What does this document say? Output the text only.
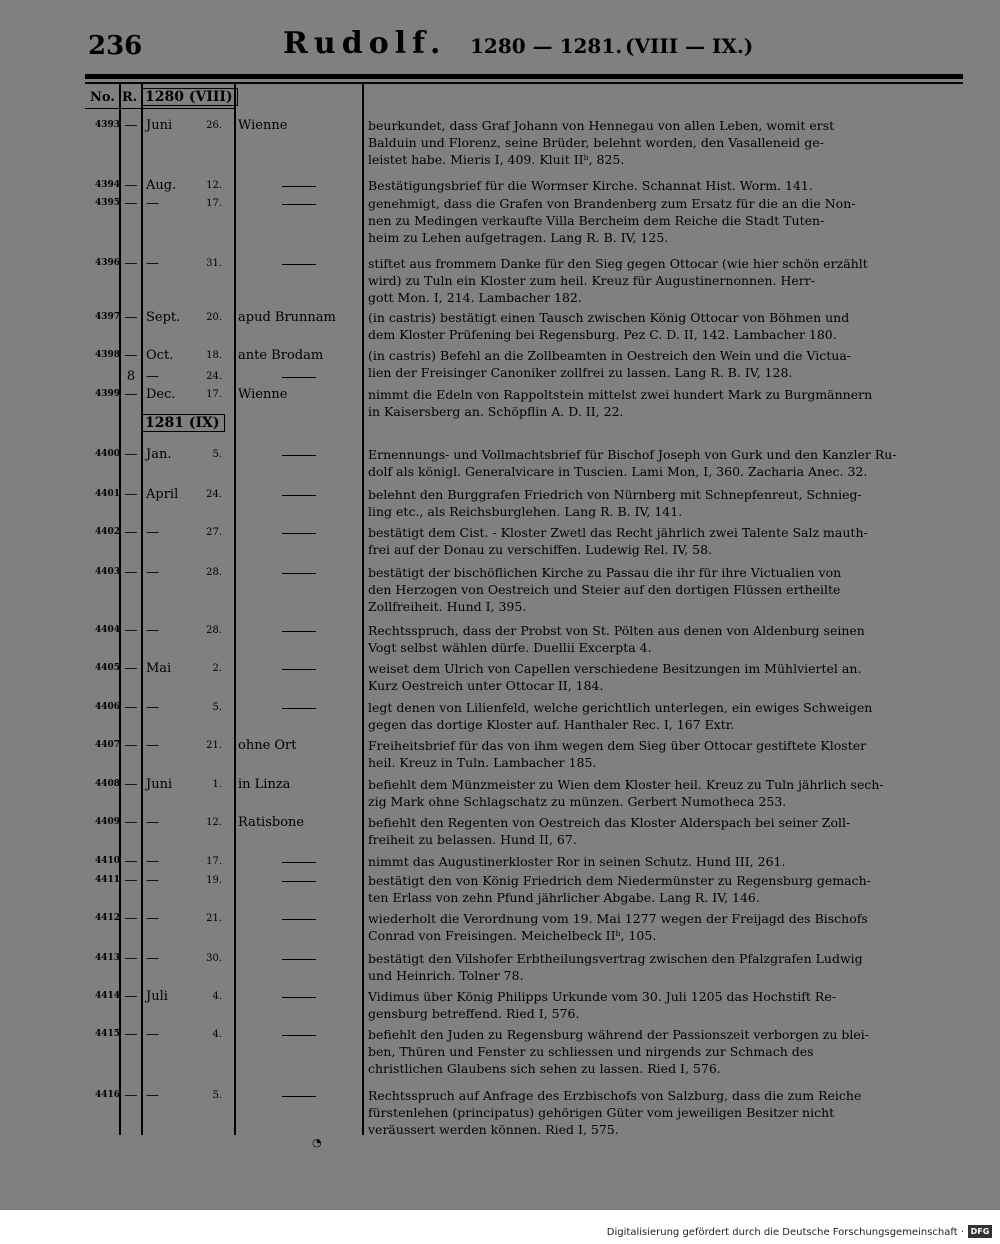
236	Rudolf. 1280 — 1281. (VIII — IX.)
No. R. 1280 (VIII)
1281 (IX)
4393 — Juni	26. Wienne	beurkundet, dass Graf Johann von Hennegau von allen Leben, womit erst
Balduin und Florenz, seine Brüder, belehnt worden, den Vasalleneid ge-
leistet habe. Mieris I, 409. Kluit IIᵇ, 825.
4394 — Aug.	12.	Bestätigungsbrief für die Wormser Kirche. Schannat Hist. Worm. 141.
4395 — —	17.	genehmigt, dass die Grafen von Brandenberg zum Ersatz für die an die Non-
nen zu Medingen verkaufte Villa Bercheim dem Reiche die Stadt Tuten-
heim zu Lehen aufgetragen. Lang R. B. IV, 125.
4396 — —	31.	stiftet aus frommem Danke für den Sieg gegen Ottocar (wie hier schön erzählt
wird) zu Tuln ein Kloster zum heil. Kreuz für Augustinernonnen. Herr-
gott Mon. I, 214. Lambacher 182.
4397 — Sept.	20. apud Brunnam	(in castris) bestätigt einen Tausch zwischen König Ottocar von Böhmen und
dem Kloster Prüfening bei Regensburg. Pez C. D. II, 142. Lambacher 180.
4398 — Oct.	18. ante Brodam	(in castris) Befehl an die Zollbeamten in Oestreich den Wein und die Victua-
lien der Freisinger Canoniker zollfrei zu lassen. Lang R. B. IV, 128.
8 —	24.
4399 — Dec.	17. Wienne	nimmt die Edeln von Rappoltstein mittelst zwei hundert Mark zu Burgmännern
in Kaisersberg an. Schöpflin A. D. II, 22.
4400 — Jan.	5.	Ernennungs- und Vollmachtsbrief für Bischof Joseph von Gurk und den Kanzler Ru-
dolf als königl. Generalvicare in Tuscien. Lami Mon, I, 360. Zacharia Anec. 32.
4401 — April	24.	belehnt den Burggrafen Friedrich von Nürnberg mit Schnepfenreut, Schnieg-
ling etc., als Reichsburglehen. Lang R. B. IV, 141.
4402 — —	27.	bestätigt dem Cist. - Kloster Zwetl das Recht jährlich zwei Talente Salz mauth-
frei auf der Donau zu verschiffen. Ludewig Rel. IV, 58.
4403 — —	28.	bestätigt der bischöflichen Kirche zu Passau die ihr für ihre Victualien von
den Herzogen von Oestreich und Steier auf den dortigen Flüssen ertheilte
Zollfreiheit. Hund I, 395.
4404 — —	28.	Rechtsspruch, dass der Probst von St. Pölten aus denen von Aldenburg seinen
Vogt selbst wählen dürfe. Duellii Excerpta 4.
4405 — Mai	2.	weiset dem Ulrich von Capellen verschiedene Besitzungen im Mühlviertel an.
Kurz Oestreich unter Ottocar II, 184.
4406 — —	5.	legt denen von Lilienfeld, welche gerichtlich unterlegen, ein ewiges Schweigen
gegen das dortige Kloster auf. Hanthaler Rec. I, 167 Extr.
4407 — —	21. ohne Ort	Freiheitsbrief für das von ihm wegen dem Sieg über Ottocar gestiftete Kloster
heil. Kreuz in Tuln. Lambacher 185.
4408 — Juni	1. in Linza	befiehlt dem Münzmeister zu Wien dem Kloster heil. Kreuz zu Tuln jährlich sech-
zig Mark ohne Schlagschatz zu münzen. Gerbert Numotheca 253.
4409 — —	12. Ratisbone	befiehlt den Regenten von Oestreich das Kloster Alderspach bei seiner Zoll-
freiheit zu belassen. Hund II, 67.
4410 — —	17.	nimmt das Augustinerkloster Ror in seinen Schutz. Hund III, 261.
4411 — —	19.	bestätigt den von König Friedrich dem Niedermünster zu Regensburg gemach-
ten Erlass von zehn Pfund jährlicher Abgabe. Lang R. IV, 146.
4412 — —	21.	wiederholt die Verordnung vom 19. Mai 1277 wegen der Freijagd des Bischofs
Conrad von Freisingen. Meichelbeck IIᵇ, 105.
4413 — —	30.	bestätigt den Vilshofer Erbtheilungsvertrag zwischen den Pfalzgrafen Ludwig
und Heinrich. Tolner 78.
4414 — Juli	4.	Vidimus über König Philipps Urkunde vom 30. Juli 1205 das Hochstift Re-
gensburg betreffend. Ried I, 576.
4415 — —	4.	befiehlt den Juden zu Regensburg während der Passionszeit verborgen zu blei-
ben, Thüren und Fenster zu schliessen und nirgends zur Schmach des
christlichen Glaubens sich sehen zu lassen. Ried I, 576.
4416 — —	5.	Rechtsspruch auf Anfrage des Erzbischofs von Salzburg, dass die zum Reiche
fürstenlehen (principatus) gehörigen Güter vom jeweiligen Besitzer nicht
veräussert werden können. Ried I, 575.
◔
Digitalisierung gefördert durch die Deutsche Forschungsgemeinschaft · DFG
